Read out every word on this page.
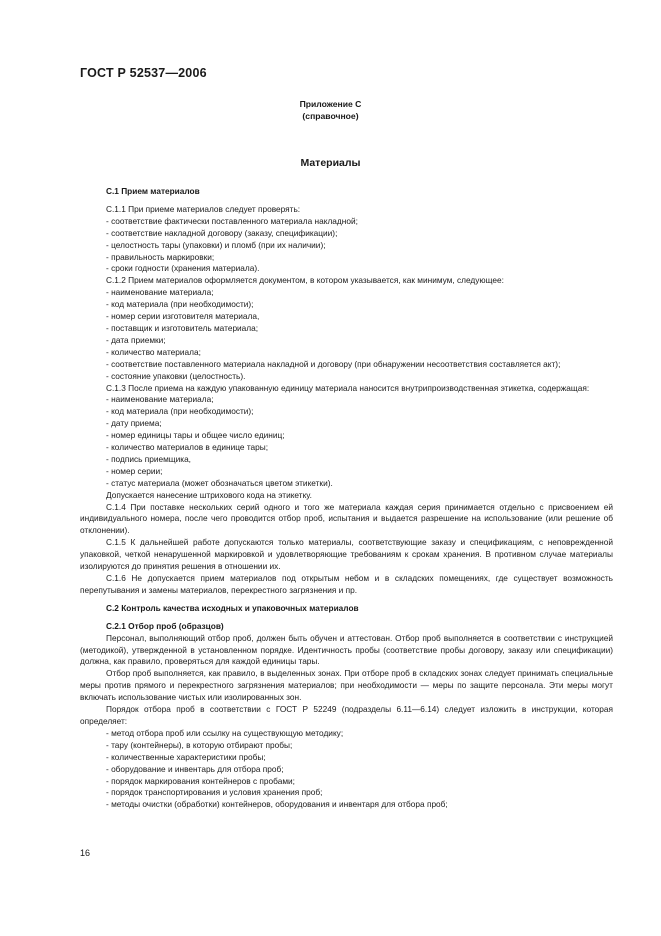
ГОСТ Р 52537—2006
Приложение С
(справочное)
Материалы

С.1 Прием материалов

С.1.1 При приеме материалов следует проверять:

- соответствие фактически поставленного материала накладной;

- соответствие накладной договору (заказу, спецификации);

- целостность тары (упаковки) и пломб (при их наличии);

- правильность маркировки;

- сроки годности (хранения материала).

С.1.2 Прием материалов оформляется документом, в котором указывается, как минимум, следующее:

- наименование материала;

- код материала (при необходимости);

- номер серии изготовителя материала,

- поставщик и изготовитель материала;

- дата приемки;

- количество материала;

- соответствие поставленного материала накладной и договору (при обнаружении несоответствия составляется акт);

- состояние упаковки (целостность).

С.1.3 После приема на каждую упакованную единицу материала наносится внутрипроизводственная этикетка, содержащая:

- наименование материала;

- код материала (при необходимости);

- дату приема;

- номер единицы тары и общее число единиц;

- количество материалов в единице тары;

- подпись приемщика,

- номер серии;

- статус материала (может обозначаться цветом этикетки).

Допускается нанесение штрихового кода на этикетку.

С.1.4 При поставке нескольких серий одного и того же материала каждая серия принимается отдельно с присвоением ей индивидуального номера, после чего проводится отбор проб, испытания и выдается разрешение на использование (или решение об отклонении).

С.1.5 К дальнейшей работе допускаются только материалы, соответствующие заказу и спецификациям, с неповрежденной упаковкой, четкой ненарушенной маркировкой и удовлетворяющие требованиям к срокам хранения. В противном случае материалы изолируются до принятия решения в отношении их.

С.1.6 Не допускается прием материалов под открытым небом и в складских помещениях, где существует возможность перепутывания и замены материалов, перекрестного загрязнения и пр.

С.2 Контроль качества исходных и упаковочных материалов

С.2.1 Отбор проб (образцов)

Персонал, выполняющий отбор проб, должен быть обучен и аттестован. Отбор проб выполняется в соответствии с инструкцией (методикой), утвержденной в установленном порядке. Идентичность пробы (соответствие пробы договору, заказу или спецификации) должна, как правило, проверяться для каждой единицы тары.

Отбор проб выполняется, как правило, в выделенных зонах. При отборе проб в складских зонах следует принимать специальные меры против прямого и перекрестного загрязнения материалов; при необходимости — меры по защите персонала. Эти меры могут включать использование чистых или изолированных зон.

Порядок отбора проб в соответствии с ГОСТ Р 52249 (подразделы 6.11—6.14) следует изложить в инструкции, которая определяет:

- метод отбора проб или ссылку на существующую методику;

- тару (контейнеры), в которую отбирают пробы;

- количественные характеристики пробы;

- оборудование и инвентарь для отбора проб;

- порядок маркирования контейнеров с пробами;

- порядок транспортирования и условия хранения проб;

- методы очистки (обработки) контейнеров, оборудования и инвентаря для отбора проб;

16
